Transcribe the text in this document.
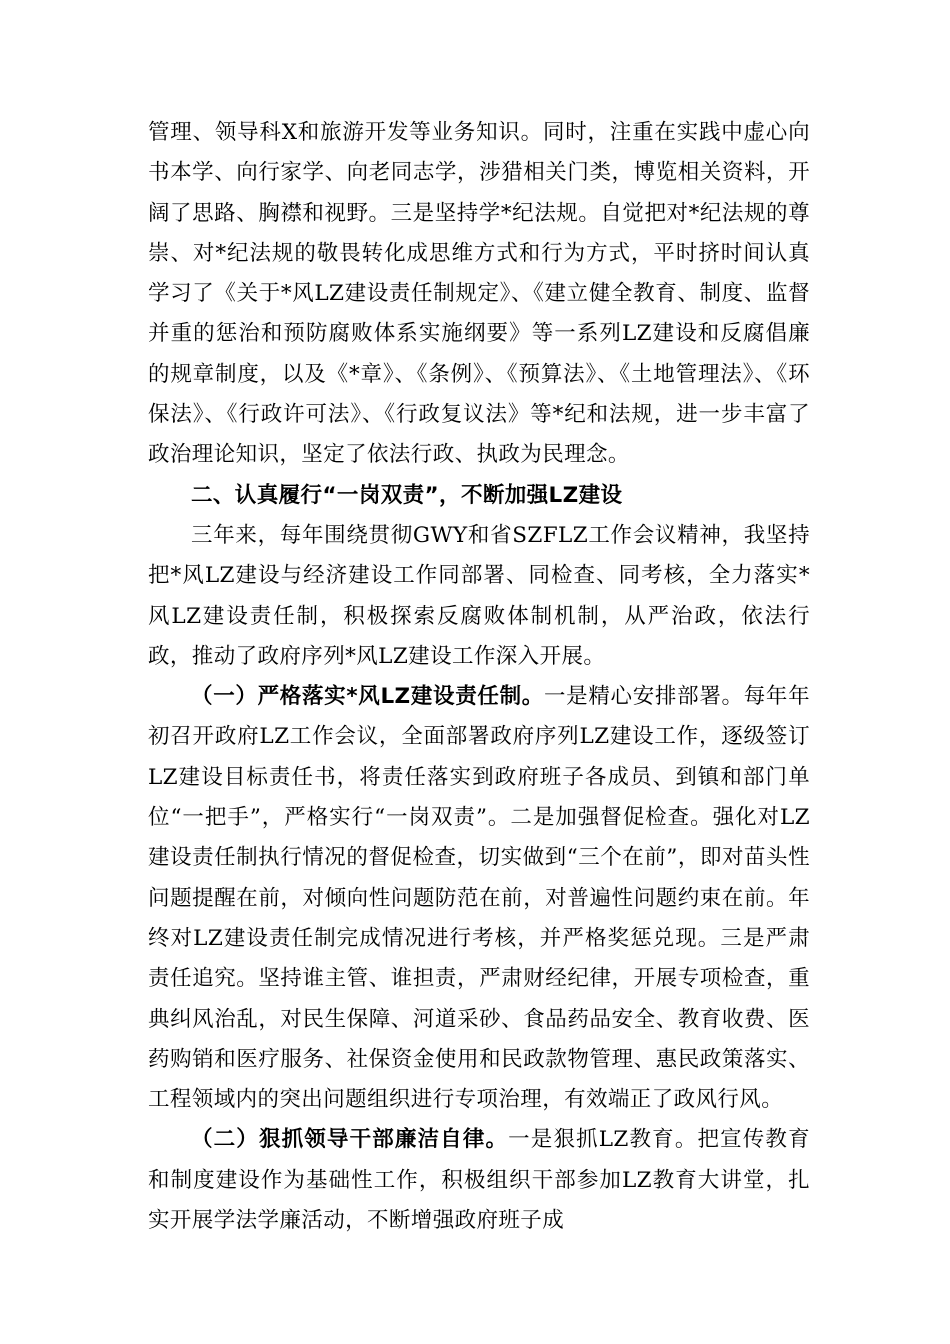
管理、领导科X和旅游开发等业务知识。同时，注重在实践中虚心向书本学、向行家学、向老同志学，涉猎相关门类，博览相关资料，开阔了思路、胸襟和视野。三是坚持学*纪法规。自觉把对*纪法规的尊崇、对*纪法规的敬畏转化成思维方式和行为方式，平时挤时间认真学习了《关于*风LZ建设责任制规定》、《建立健全教育、制度、监督并重的惩治和预防腐败体系实施纲要》等一系列LZ建设和反腐倡廉的规章制度，以及《*章》、《条例》、《预算法》、《土地管理法》、《环保法》、《行政许可法》、《行政复议法》等*纪和法规，进一步丰富了政治理论知识，坚定了依法行政、执政为民理念。

二、认真履行“一岗双责”，不断加强LZ建设

三年来，每年围绕贯彻GWY和省SZFLZ工作会议精神，我坚持把*风LZ建设与经济建设工作同部署、同检查、同考核，全力落实*风LZ建设责任制，积极探索反腐败体制机制，从严治政，依法行政，推动了政府序列*风LZ建设工作深入开展。

（一）严格落实*风LZ建设责任制。一是精心安排部署。每年年初召开政府LZ工作会议，全面部署政府序列LZ建设工作，逐级签订LZ建设目标责任书，将责任落实到政府班子各成员、到镇和部门单位“一把手”，严格实行“一岗双责”。二是加强督促检查。强化对LZ建设责任制执行情况的督促检查，切实做到“三个在前”，即对苗头性问题提醒在前，对倾向性问题防范在前，对普遍性问题约束在前。年终对LZ建设责任制完成情况进行考核，并严格奖惩兑现。三是严肃责任追究。坚持谁主管、谁担责，严肃财经纪律，开展专项检查，重典纠风治乱，对民生保障、河道采砂、食品药品安全、教育收费、医药购销和医疗服务、社保资金使用和民政款物管理、惠民政策落实、工程领域内的突出问题组织进行专项治理，有效端正了政风行风。

（二）狠抓领导干部廉洁自律。一是狠抓LZ教育。把宣传教育和制度建设作为基础性工作，积极组织干部参加LZ教育大讲堂，扎实开展学法学廉活动，不断增强政府班子成
